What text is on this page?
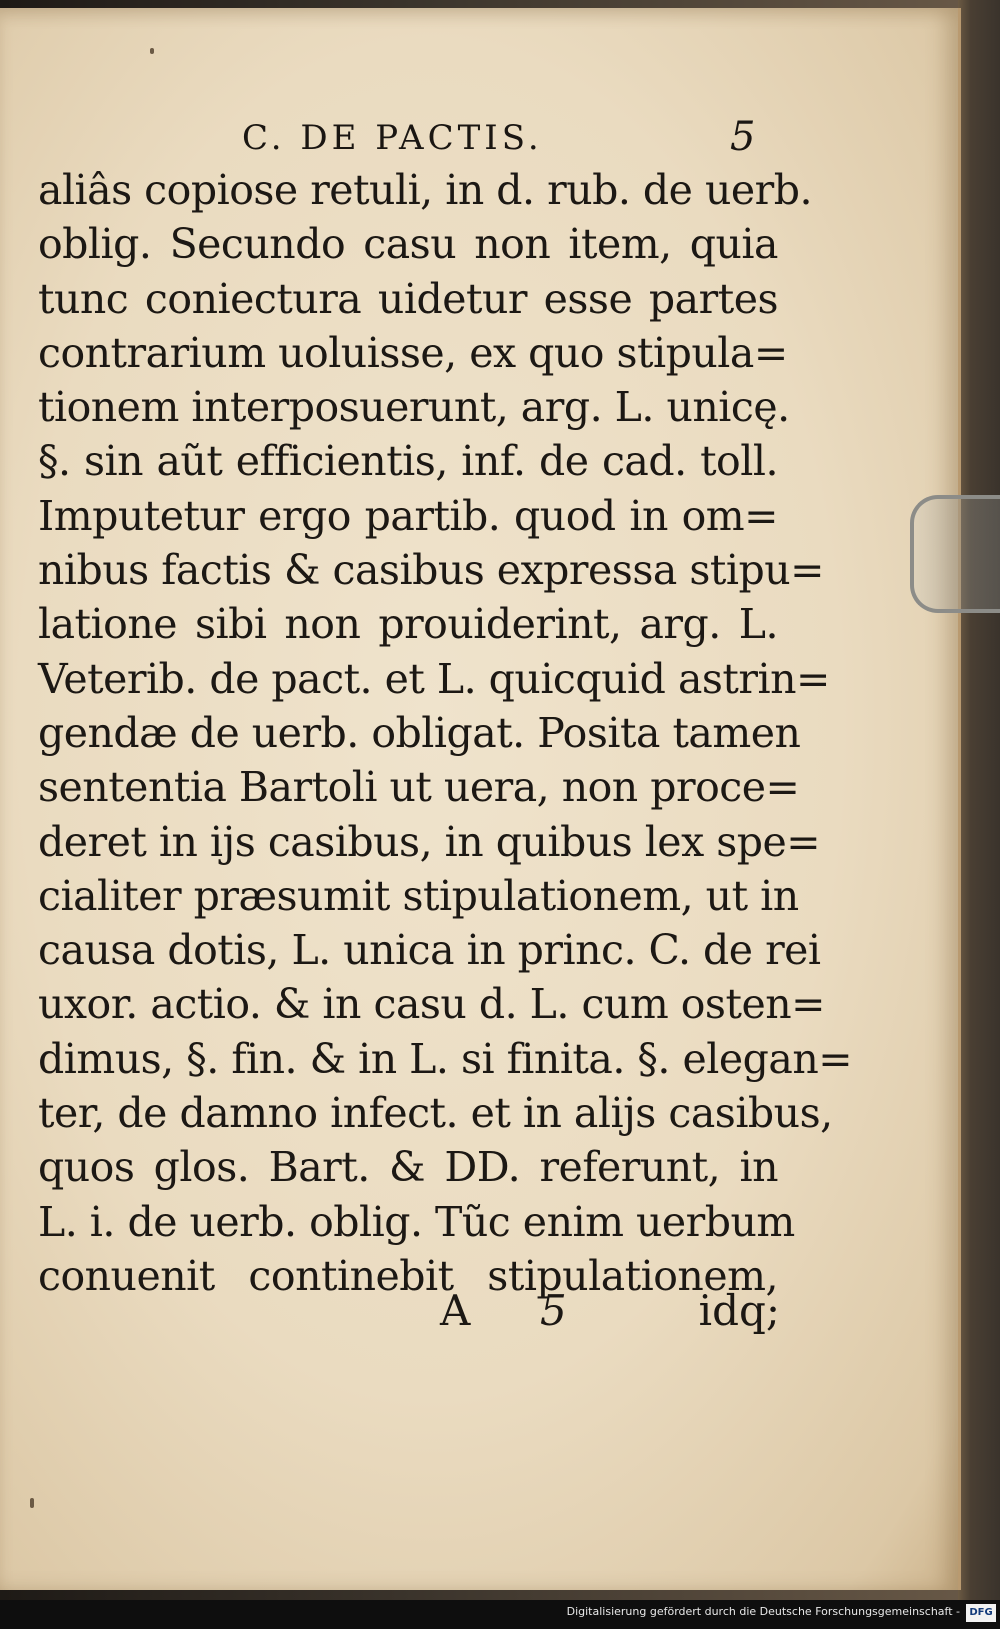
C. DE PACTIS.	5
aliâs copiose retuli, in d. rub. de uerb.
oblig. Secundo casu non item, quia
tunc coniectura uidetur esse partes
contrarium uoluisse, ex quo stipula=
tionem interposuerunt, arg. L. unicę.
§. sin aũt efficientis, inf. de cad. toll.
Imputetur ergo partib. quod in om=
nibus factis & casibus expressa stipu=
latione sibi non prouiderint, arg. L.
Veterib. de pact. et L. quicquid astrin=
gendæ de uerb. obligat. Posita tamen
sententia Bartoli ut uera, non proce=
deret in ijs casibus, in quibus lex spe=
cialiter præsumit stipulationem, ut in
causa dotis, L. unica in princ. C. de rei
uxor. actio. & in casu d. L. cum osten=
dimus, §. fin. & in L. si finita. §. elegan=
ter, de damno infect. et in alijs casibus,
quos glos. Bart. & DD. referunt, in
L. i. de uerb. oblig. Tũc enim uerbum
conuenit continebit stipulationem,
A 5	idq;
Digitalisierung gefördert durch die Deutsche Forschungsgemeinschaft - DFG
